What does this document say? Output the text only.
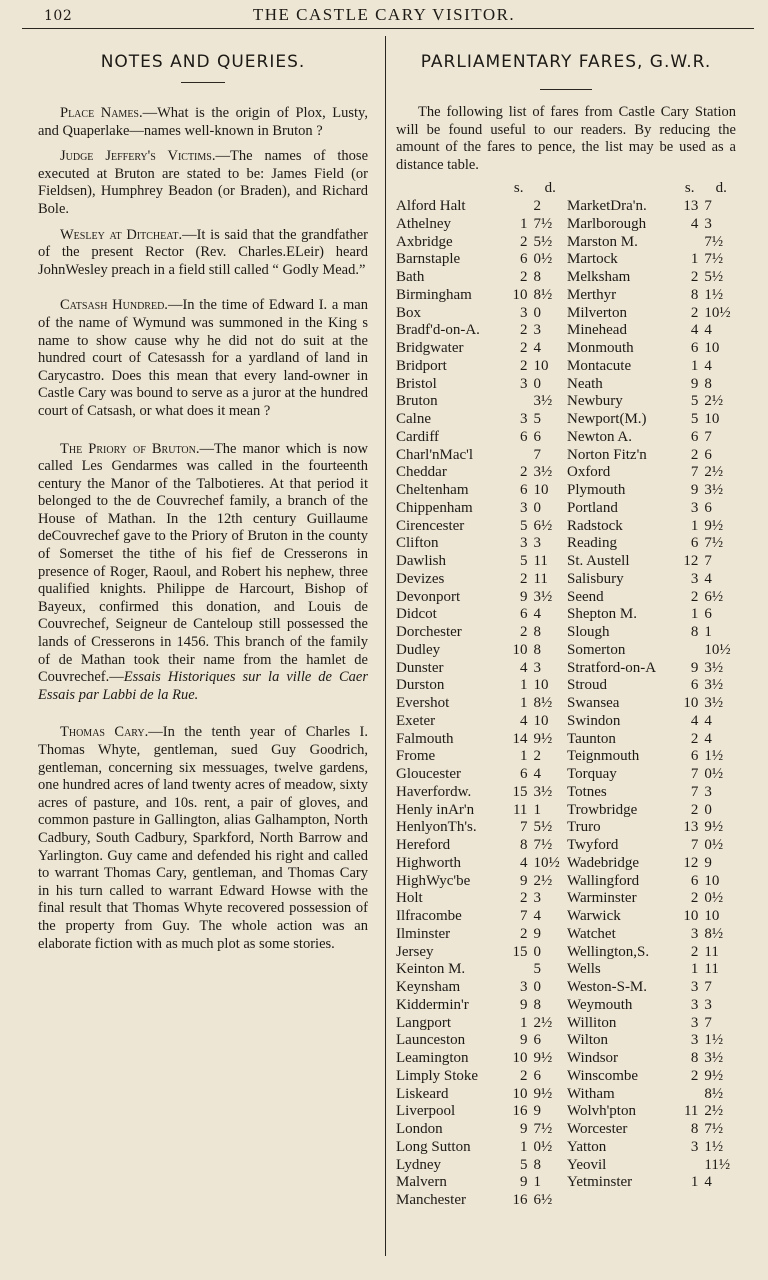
102	THE CASTLE CARY VISITOR.
NOTES AND QUERIES.

Place Names.—What is the origin of Plox, Lusty, and Quaperlake—names well-known in Bruton ?

Judge Jeffery's Victims.—The names of those executed at Bruton are stated to be: James Field (or Fieldsen), Humphrey Beadon (or Braden), and Richard Bole.

Wesley at Ditcheat.—It is said that the grandfather of the present Rector (Rev. Charles.ELeir) heard JohnWesley preach in a field still called “ Godly Mead.”

Catsash Hundred.—In the time of Edward I. a man of the name of Wymund was summoned in the King s name to show cause why he did not do suit at the hundred court of Catesassh for a yardland of land in Carycastro. Does this mean that every land-owner in Castle Cary was bound to serve as a juror at the hundred court of Catsash, or what does it mean ?

The Priory of Bruton.—The manor which is now called Les Gendarmes was called in the fourteenth century the Manor of the Talbotieres. At that period it belonged to the de Couvrechef family, a branch of the House of Mathan. In the 12th century Guillaume deCouvrechef gave to the Priory of Bruton in the county of Somerset the tithe of his fief de Cresserons in presence of Roger, Raoul, and Robert his nephew, three qualified knights. Philippe de Harcourt, Bishop of Bayeux, confirmed this donation, and Louis de Couvrechef, Seigneur de Canteloup still possessed the lands of Cresserons in 1456. This branch of the family of de Mathan took their name from the hamlet de Couvrechef.—Essais Historiques sur la ville de Caer Essais par Labbi de la Rue.

Thomas Cary.—In the tenth year of Charles I. Thomas Whyte, gentleman, sued Guy Goodrich, gentleman, concerning six messuages, twelve gardens, one hundred acres of land twenty acres of meadow, sixty acres of pasture, and 10s. rent, a pair of gloves, and common pasture in Gallington, alias Galhampton, North Cadbury, South Cadbury, Sparkford, North Barrow and Yarlington. Guy came and defended his right and called to warrant Thomas Cary, gentleman, and Thomas Cary in his turn called to warrant Edward Howse with the final result that Thomas Whyte recovered possession of the property from Guy. The whole action was an elaborate fiction with as much plot as some stories.

PARLIAMENTARY FARES, G.W.R.

The following list of fares from Castle Cary Station will be found useful to our readers. By reducing the amount of the fares to pence, the list may be used as a distance table.

	s.	d.		s.	d.
Alford Halt		2	MarketDra'n.	13	7
Athelney	1	7½	Marlborough	4	3
Axbridge	2	5½	Marston M.		7½
Barnstaple	6	0½	Martock	1	7½
Bath	2	8	Melksham	2	5½
Birmingham	10	8½	Merthyr	8	1½
Box	3	0	Milverton	2	10½
Bradf'd-on-A.	2	3	Minehead	4	4
Bridgwater	2	4	Monmouth	6	10
Bridport	2	10	Montacute	1	4
Bristol	3	0	Neath	9	8
Bruton		3½	Newbury	5	2½
Calne	3	5	Newport(M.)	5	10
Cardiff	6	6	Newton A.	6	7
Charl'nMac'l		7	Norton Fitz'n	2	6
Cheddar	2	3½	Oxford	7	2½
Cheltenham	6	10	Plymouth	9	3½
Chippenham	3	0	Portland	3	6
Cirencester	5	6½	Radstock	1	9½
Clifton	3	3	Reading	6	7½
Dawlish	5	11	St. Austell	12	7
Devizes	2	11	Salisbury	3	4
Devonport	9	3½	Seend	2	6½
Didcot	6	4	Shepton M.	1	6
Dorchester	2	8	Slough	8	1
Dudley	10	8	Somerton		10½
Dunster	4	3	Stratford-on-A	9	3½
Durston	1	10	Stroud	6	3½
Evershot	1	8½	Swansea	10	3½
Exeter	4	10	Swindon	4	4
Falmouth	14	9½	Taunton	2	4
Frome	1	2	Teignmouth	6	1½
Gloucester	6	4	Torquay	7	0½
Haverfordw.	15	3½	Totnes	7	3
Henly inAr'n	11	1	Trowbridge	2	0
HenlyonTh's.	7	5½	Truro	13	9½
Hereford	8	7½	Twyford	7	0½
Highworth	4	10½	Wadebridge	12	9
HighWyc'be	9	2½	Wallingford	6	10
Holt	2	3	Warminster	2	0½
Ilfracombe	7	4	Warwick	10	10
Ilminster	2	9	Watchet	3	8½
Jersey	15	0	Wellington,S.	2	11
Keinton M.		5	Wells	1	11
Keynsham	3	0	Weston-S-M.	3	7
Kiddermin'r	9	8	Weymouth	3	3
Langport	1	2½	Williton	3	7
Launceston	9	6	Wilton	3	1½
Leamington	10	9½	Windsor	8	3½
Limply Stoke	2	6	Winscombe	2	9½
Liskeard	10	9½	Witham		8½
Liverpool	16	9	Wolvh'pton	11	2½
London	9	7½	Worcester	8	7½
Long Sutton	1	0½	Yatton	3	1½
Lydney	5	8	Yeovil		11½
Malvern	9	1	Yetminster	1	4
Manchester	16	6½			
